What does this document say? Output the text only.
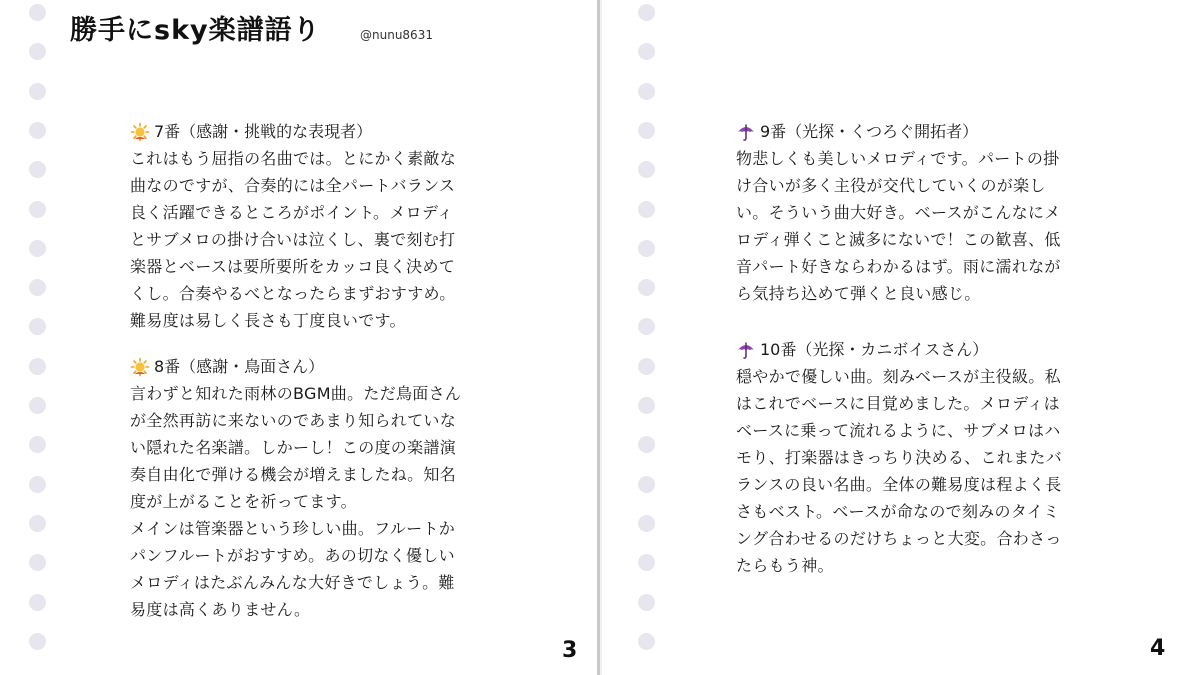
勝手にsky楽譜語り	@nunu8631
7番（感謝・挑戦的な表現者）
これはもう屈指の名曲では。とにかく素敵な
曲なのですが、合奏的には全パートバランス
良く活躍できるところがポイント。メロディ
とサブメロの掛け合いは泣くし、裏で刻む打
楽器とベースは要所要所をカッコ良く決めて
くし。合奏やるべとなったらまずおすすめ。
難易度は易しく長さも丁度良いです。
8番（感謝・鳥面さん）
言わずと知れた雨林のBGM曲。ただ鳥面さん
が全然再訪に来ないのであまり知られていな
い隠れた名楽譜。しかーし！この度の楽譜演
奏自由化で弾ける機会が増えましたね。知名
度が上がることを祈ってます。
メインは管楽器という珍しい曲。フルートか
パンフルートがおすすめ。あの切なく優しい
メロディはたぶんみんな大好きでしょう。難
易度は高くありません。
3
9番（光探・くつろぐ開拓者）
物悲しくも美しいメロディです。パートの掛
け合いが多く主役が交代していくのが楽し
い。そういう曲大好き。ベースがこんなにメ
ロディ弾くこと滅多にないで！この歓喜、低
音パート好きならわかるはず。雨に濡れなが
ら気持ち込めて弾くと良い感じ。
10番（光探・カニボイスさん）
穏やかで優しい曲。刻みベースが主役級。私
はこれでベースに目覚めました。メロディは
ベースに乗って流れるように、サブメロはハ
モり、打楽器はきっちり決める、これまたバ
ランスの良い名曲。全体の難易度は程よく長
さもベスト。ベースが命なので刻みのタイミ
ング合わせるのだけちょっと大変。合わさっ
たらもう神。
4
